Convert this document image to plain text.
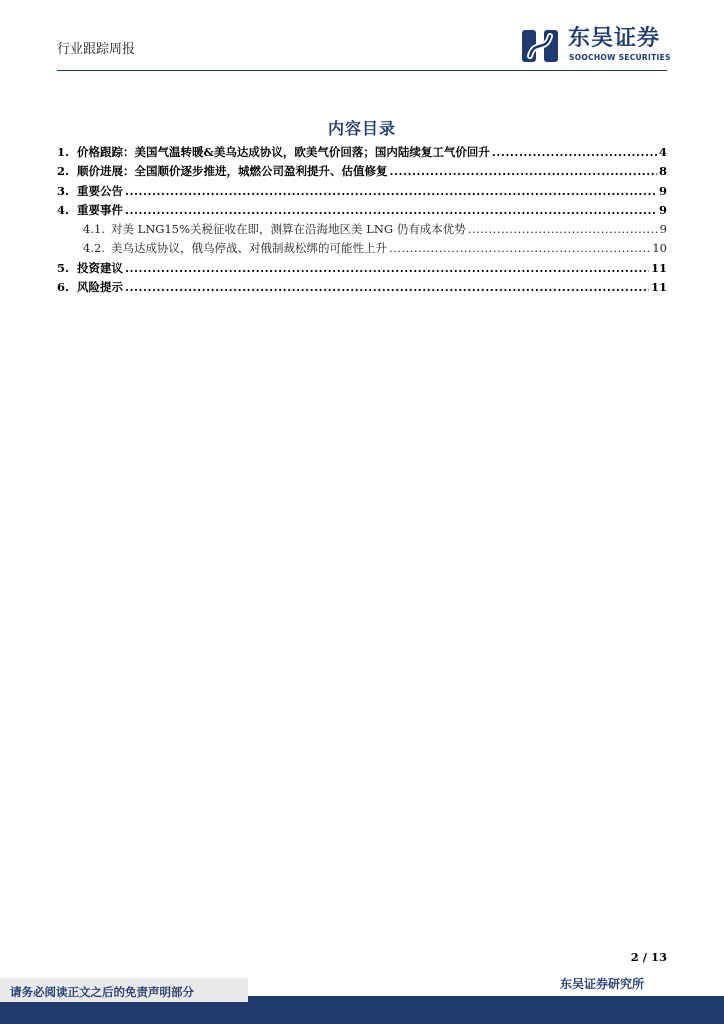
行业跟踪周报	东吴证券
SOOCHOW SECURITIES
内容目录
1. 价格跟踪：美国气温转暖&美乌达成协议，欧美气价回落；国内陆续复工气价回升 .....	4
2. 顺价进展：全国顺价逐步推进，城燃公司盈利提升、估值修复 .....	8
3. 重要公告 .....	9
4. 重要事件 .....	9
4.1. 对美 LNG15%关税征收在即，测算在沿海地区美 LNG 仍有成本优势 .....	9
4.2. 美乌达成协议，俄乌停战、对俄制裁松绑的可能性上升 .....	10
5. 投资建议 .....	11
6. 风险提示 .....	11
2 / 13
东吴证券研究所
请务必阅读正文之后的免责声明部分
